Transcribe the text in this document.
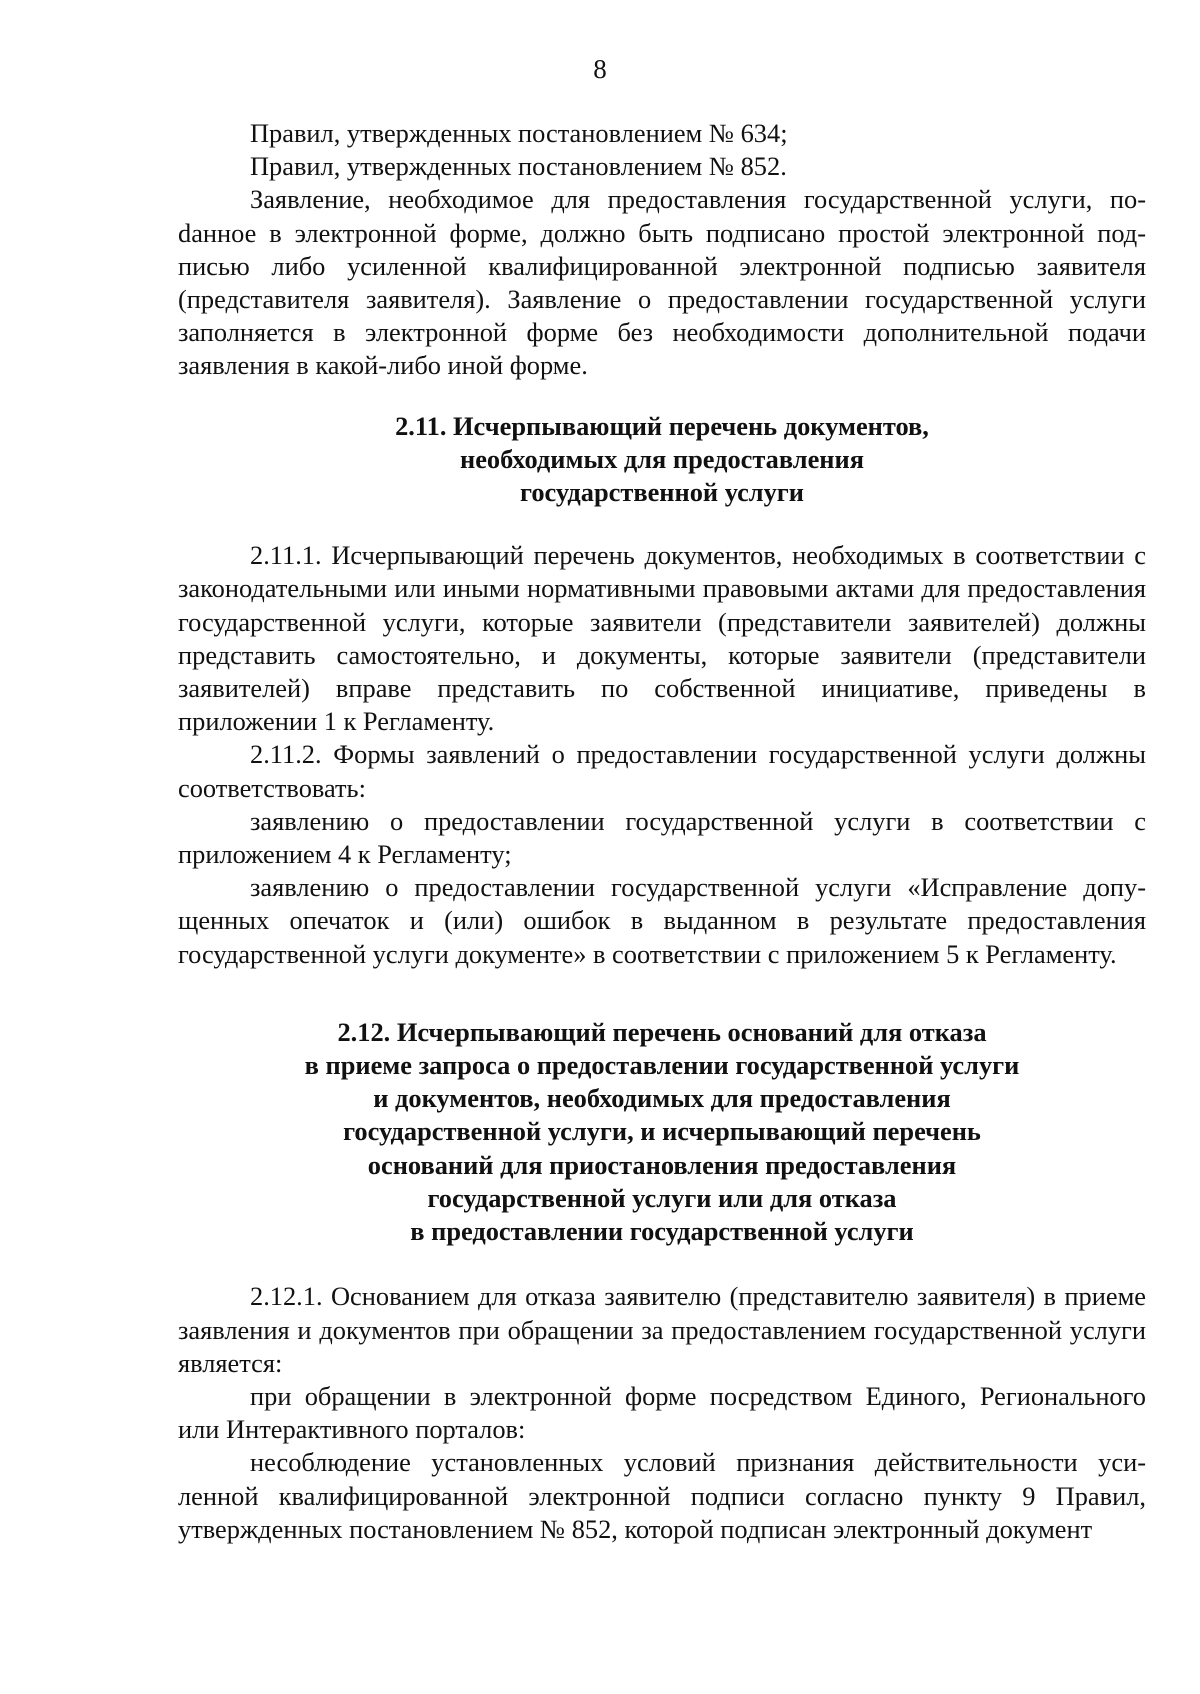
8

Правил, утвержденных постановлением № 634;

Правил, утвержденных постановлением № 852.

Заявление, необходимое для предоставления государственной услуги, поdанное в электронной форме, должно быть подписано простой электронной подписью либо усиленной квалифицированной электронной подписью заявителя (представителя заявителя). Заявление о предоставлении государственной услуги заполняется в электронной форме без необходимости дополнительной подачи заявления в какой-либо иной форме.

2.11. Исчерпывающий перечень документов,
необходимых для предоставления
государственной услуги

2.11.1. Исчерпывающий перечень документов, необходимых в соответствии с законодательными или иными нормативными правовыми актами для предоставления государственной услуги, которые заявители (представители заявителей) должны представить самостоятельно, и документы, которые заявители (представители заявителей) вправе представить по собственной инициативе, приведены в приложении 1 к Регламенту.

2.11.2. Формы заявлений о предоставлении государственной услуги должны соответствовать:

заявлению о предоставлении государственной услуги в соответствии с приложением 4 к Регламенту;

заявлению о предоставлении государственной услуги «Исправление допущенных опечаток и (или) ошибок в выданном в результате предоставления государственной услуги документе» в соответствии с приложением 5 к Регламенту.

2.12. Исчерпывающий перечень оснований для отказа
в приеме запроса о предоставлении государственной услуги
и документов, необходимых для предоставления
государственной услуги, и исчерпывающий перечень
оснований для приостановления предоставления
государственной услуги или для отказа
в предоставлении государственной услуги

2.12.1. Основанием для отказа заявителю (представителю заявителя) в приеме заявления и документов при обращении за предоставлением государственной услуги является:

при обращении в электронной форме посредством Единого, Регионального или Интерактивного порталов:

несоблюдение установленных условий признания действительности усиленной квалифицированной электронной подписи согласно пункту 9 Правил, утвержденных постановлением № 852, которой подписан электронный документ
